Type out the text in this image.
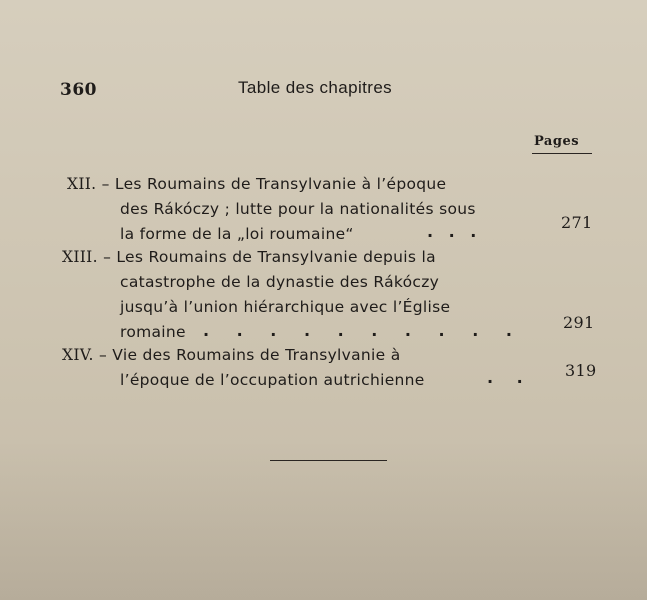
360	Table des chapitres
Pages
XII. – Les Roumains de Transylvanie à l’époque
des Rákóczy ; lutte pour la nationalités sous
la forme de la „loi roumaine“	. . .	271
XIII. – Les Roumains de Transylvanie depuis la
catastrophe de la dynastie des Rákóczy
jusqu’à l’union hiérarchique avec l’Église
romaine . . . . . . . . . .	291
XIV. – Vie des Roumains de Transylvanie à
l’époque de l’occupation autrichienne	. .	319
